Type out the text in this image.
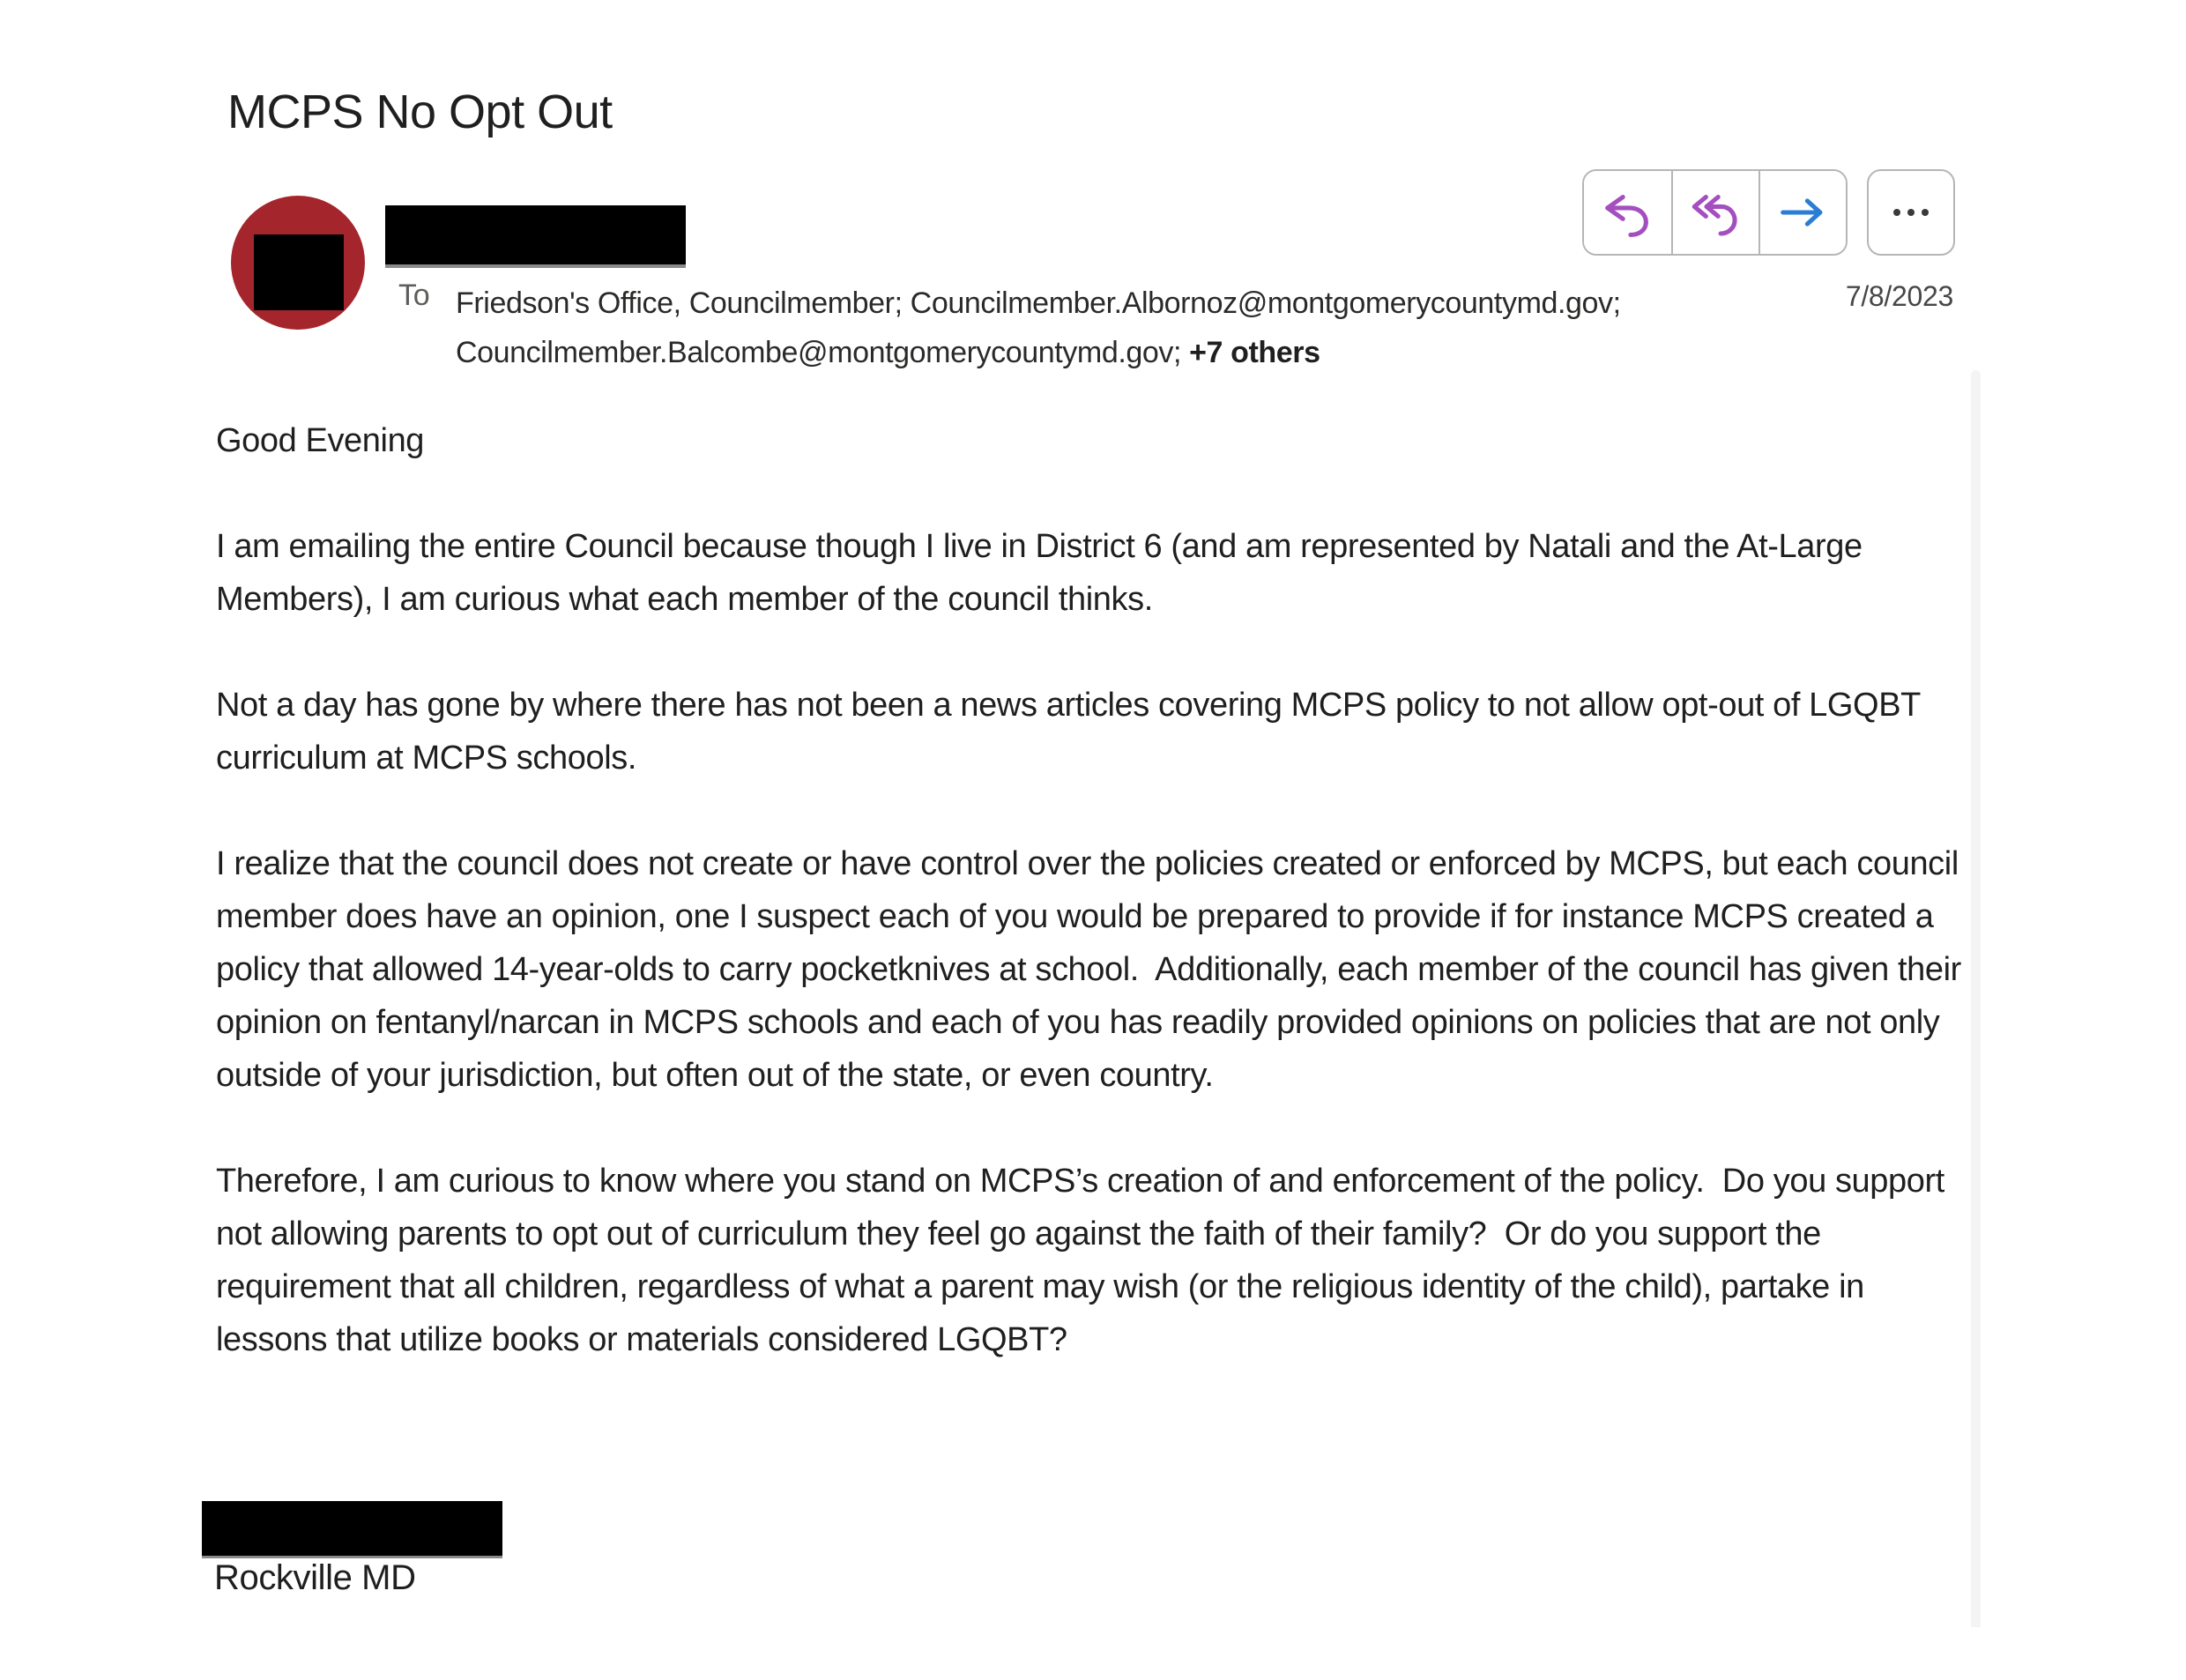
MCPS No Opt Out
To Friedson's Office, Councilmember; Councilmember.Albornoz@montgomerycountymd.gov;
Councilmember.Balcombe@montgomerycountymd.gov; +7 others
7/8/2023

Good Evening

I am emailing the entire Council because though I live in District 6 (and am represented by Natali and the At-Large Members), I am curious what each member of the council thinks.

Not a day has gone by where there has not been a news articles covering MCPS policy to not allow opt-out of LGQBT curriculum at MCPS schools.

I realize that the council does not create or have control over the policies created or enforced by MCPS, but each council member does have an opinion, one I suspect each of you would be prepared to provide if for instance MCPS created a policy that allowed 14-year-olds to carry pocketknives at school.  Additionally, each member of the council has given their opinion on fentanyl/narcan in MCPS schools and each of you has readily provided opinions on policies that are not only outside of your jurisdiction, but often out of the state, or even country.

Therefore, I am curious to know where you stand on MCPS’s creation of and enforcement of the policy.  Do you support not allowing parents to opt out of curriculum they feel go against the faith of their family?  Or do you support the requirement that all children, regardless of what a parent may wish (or the religious identity of the child), partake in lessons that utilize books or materials considered LGQBT?

Rockville MD
